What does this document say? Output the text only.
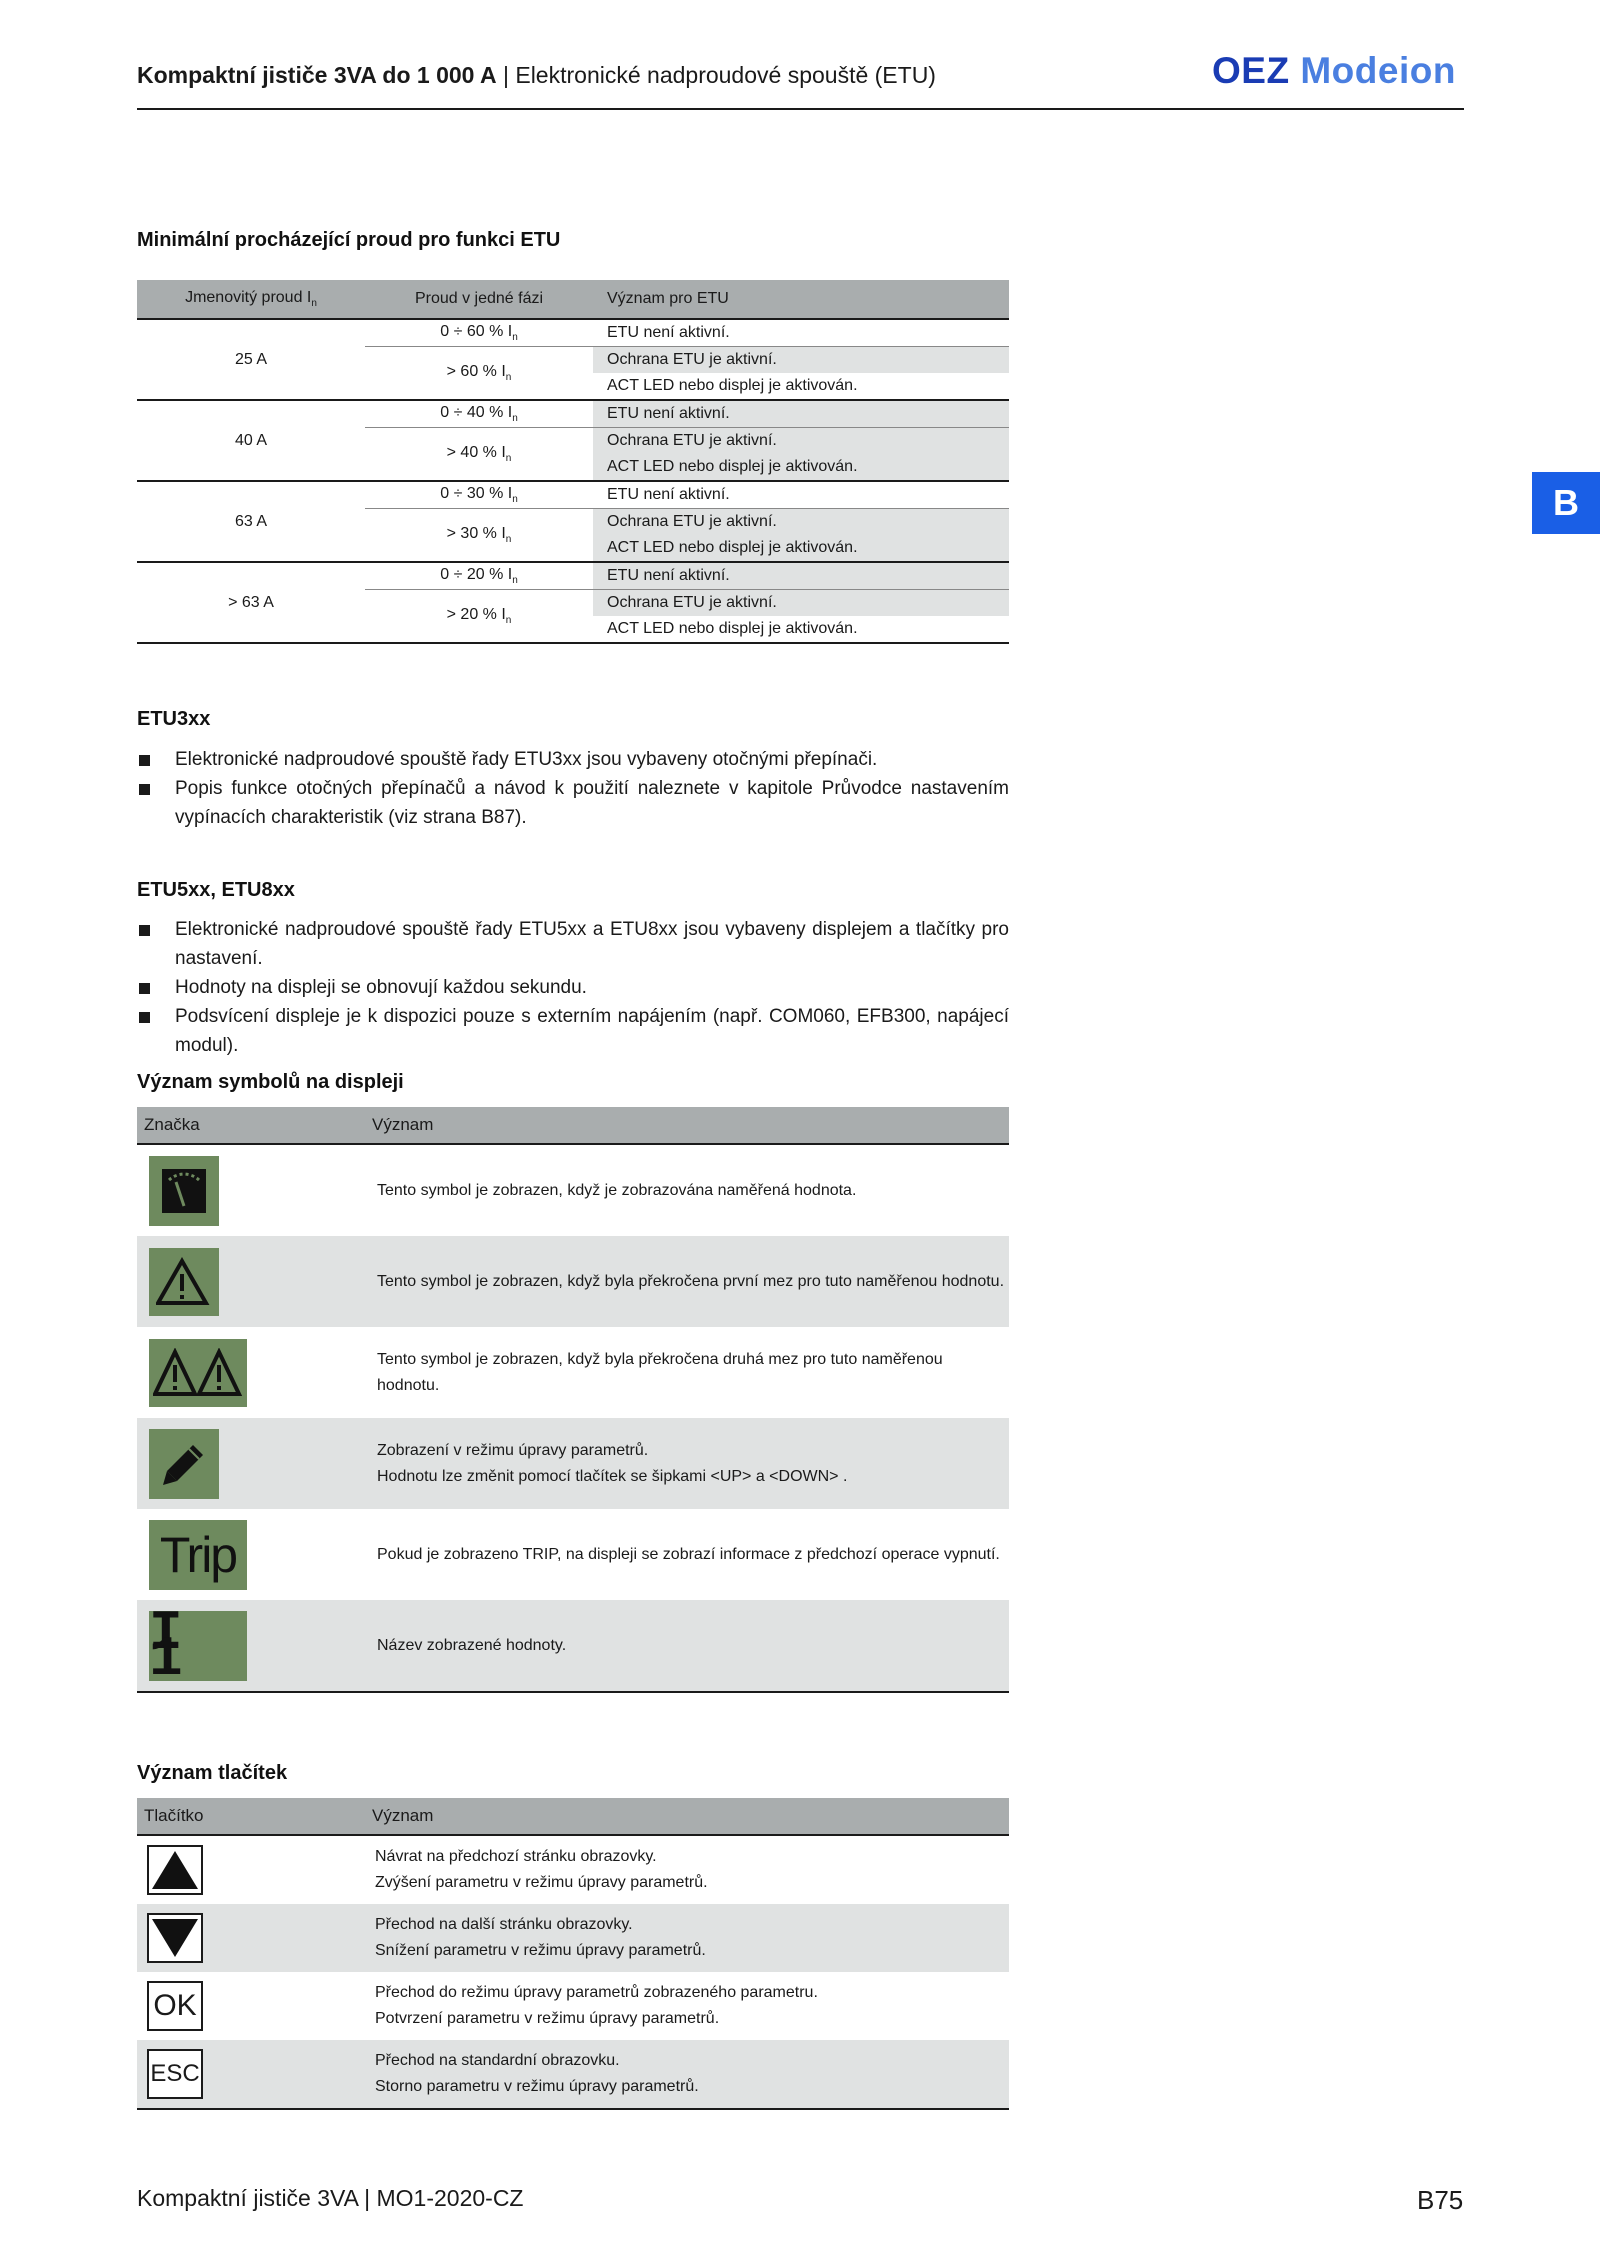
Kompaktní jističe 3VA do 1 000 A | Elektronické nadproudové spouště (ETU)	OEZ Modeion
B
Minimální procházející proud pro funkci ETU
Jmenovitý proud $I_n$	Proud v jedné fázi	Význam pro ETU
25 A	0 ÷ 60 % $I_n$	ETU není aktivní.
	> 60 % $I_n$	Ochrana ETU je aktivní.
		ACT LED nebo displej je aktivován.
40 A	0 ÷ 40 % $I_n$	ETU není aktivní.
	> 40 % $I_n$	Ochrana ETU je aktivní.
		ACT LED nebo displej je aktivován.
63 A	0 ÷ 30 % $I_n$	ETU není aktivní.
	> 30 % $I_n$	Ochrana ETU je aktivní.
		ACT LED nebo displej je aktivován.
> 63 A	0 ÷ 20 % $I_n$	ETU není aktivní.
	> 20 % $I_n$	Ochrana ETU je aktivní.
		ACT LED nebo displej je aktivován.
ETU3xx
Elektronické nadproudové spouště řady ETU3xx jsou vybaveny otočnými přepínači.
Popis funkce otočných přepínačů a návod k použití naleznete v kapitole Průvodce nastavením vypínacích charakteristik (viz strana B87).
ETU5xx, ETU8xx
Elektronické nadproudové spouště řady ETU5xx a ETU8xx jsou vybaveny displejem a tlačítky pro nastavení.
Hodnoty na displeji se obnovují každou sekundu.
Podsvícení displeje je k dispozici pouze s externím napájením (např. COM060, EFB300, napájecí modul).
Význam symbolů na displeji
Značka	Význam
Tento symbol je zobrazen, když je zobrazována naměřená hodnota.
Tento symbol je zobrazen, když byla překročena první mez pro tuto naměřenou hodnotu.
Tento symbol je zobrazen, když byla překročena druhá mez pro tuto naměřenou hodnotu.
Zobrazení v režimu úpravy parametrů.
Hodnotu lze změnit pomocí tlačítek se šipkami <UP> a <DOWN> .
Trip	Pokud je zobrazeno TRIP, na displeji se zobrazí informace z předchozí operace vypnutí.
I 1	Název zobrazené hodnoty.
Význam tlačítek
Tlačítko	Význam
Návrat na předchozí stránku obrazovky.
Zvýšení parametru v režimu úpravy parametrů.
Přechod na další stránku obrazovky.
Snížení parametru v režimu úpravy parametrů.
OK	Přechod do režimu úpravy parametrů zobrazeného parametru.
Potvrzení parametru v režimu úpravy parametrů.
ESC	Přechod na standardní obrazovku.
Storno parametru v režimu úpravy parametrů.
Kompaktní jističe 3VA | MO1-2020-CZ	B75
